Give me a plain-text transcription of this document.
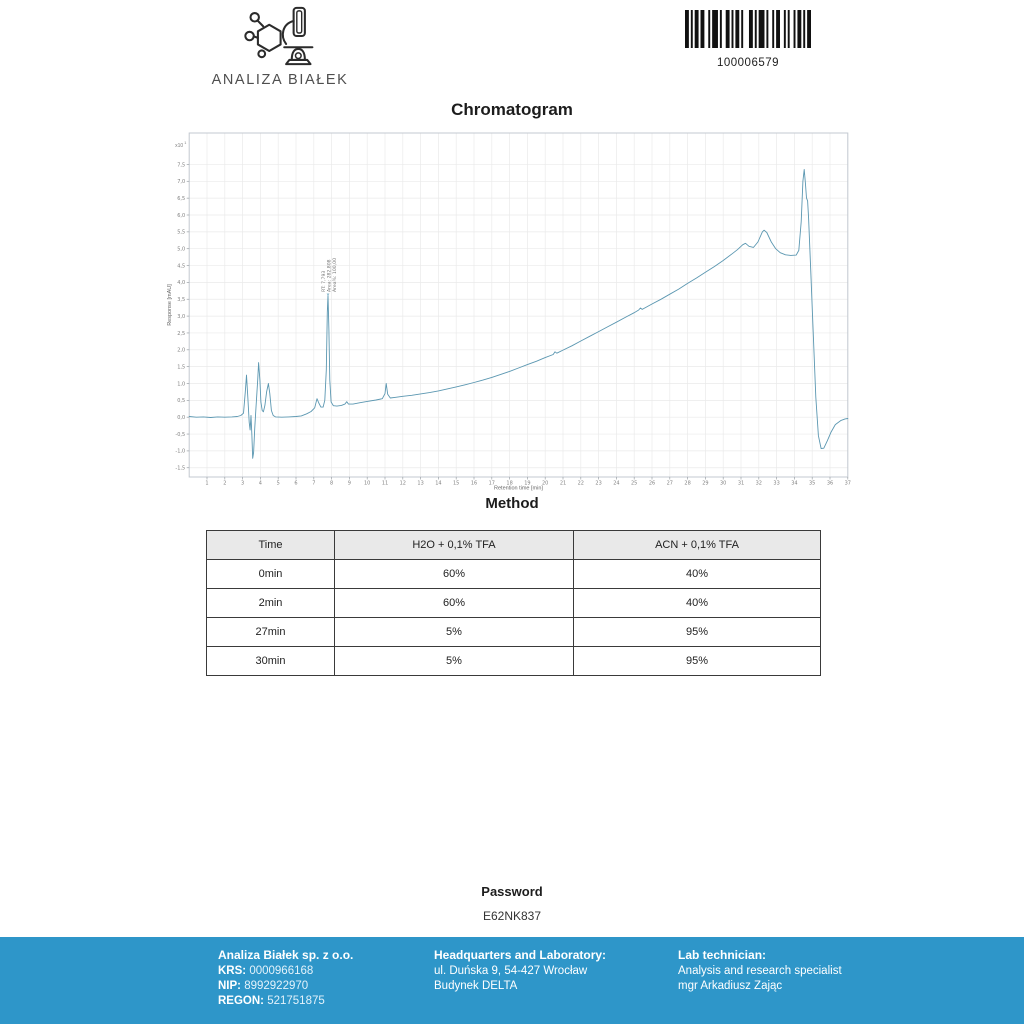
ANALIZA BIAŁEK
100006579
Chromatogram
1	2	3	4	5	6	7	8	9	10 11 12 13 14 15 16 17 18 19 20 21 22 23 24 25 26 27 28 29 30 31 32 33 34 35 36 37
-1,5
-1,0
-0,5
0,0
0,5
1,0
1,5
2,0
2,5
3,0
3,5
4,0
4,5
5,0
5,5
6,0
6,5
7,0
7,5
x10 1
Retention time [min]
Response [mAU]
RT: 7,793 Area: 282,808 Area%: 100,00
Method
Time	H2O + 0,1% TFA	ACN + 0,1% TFA
0min	60%	40%
2min	60%	40%
27min	5%	95%
30min	5%	95%
Password
E62NK837
Analiza Białek sp. z o.o.
KRS: 0000966168
NIP: 8992922970
REGON: 521751875
Headquarters and Laboratory:
ul. Duńska 9, 54-427 Wrocław
Budynek DELTA
Lab technician:
Analysis and research specialist
mgr Arkadiusz Zając
